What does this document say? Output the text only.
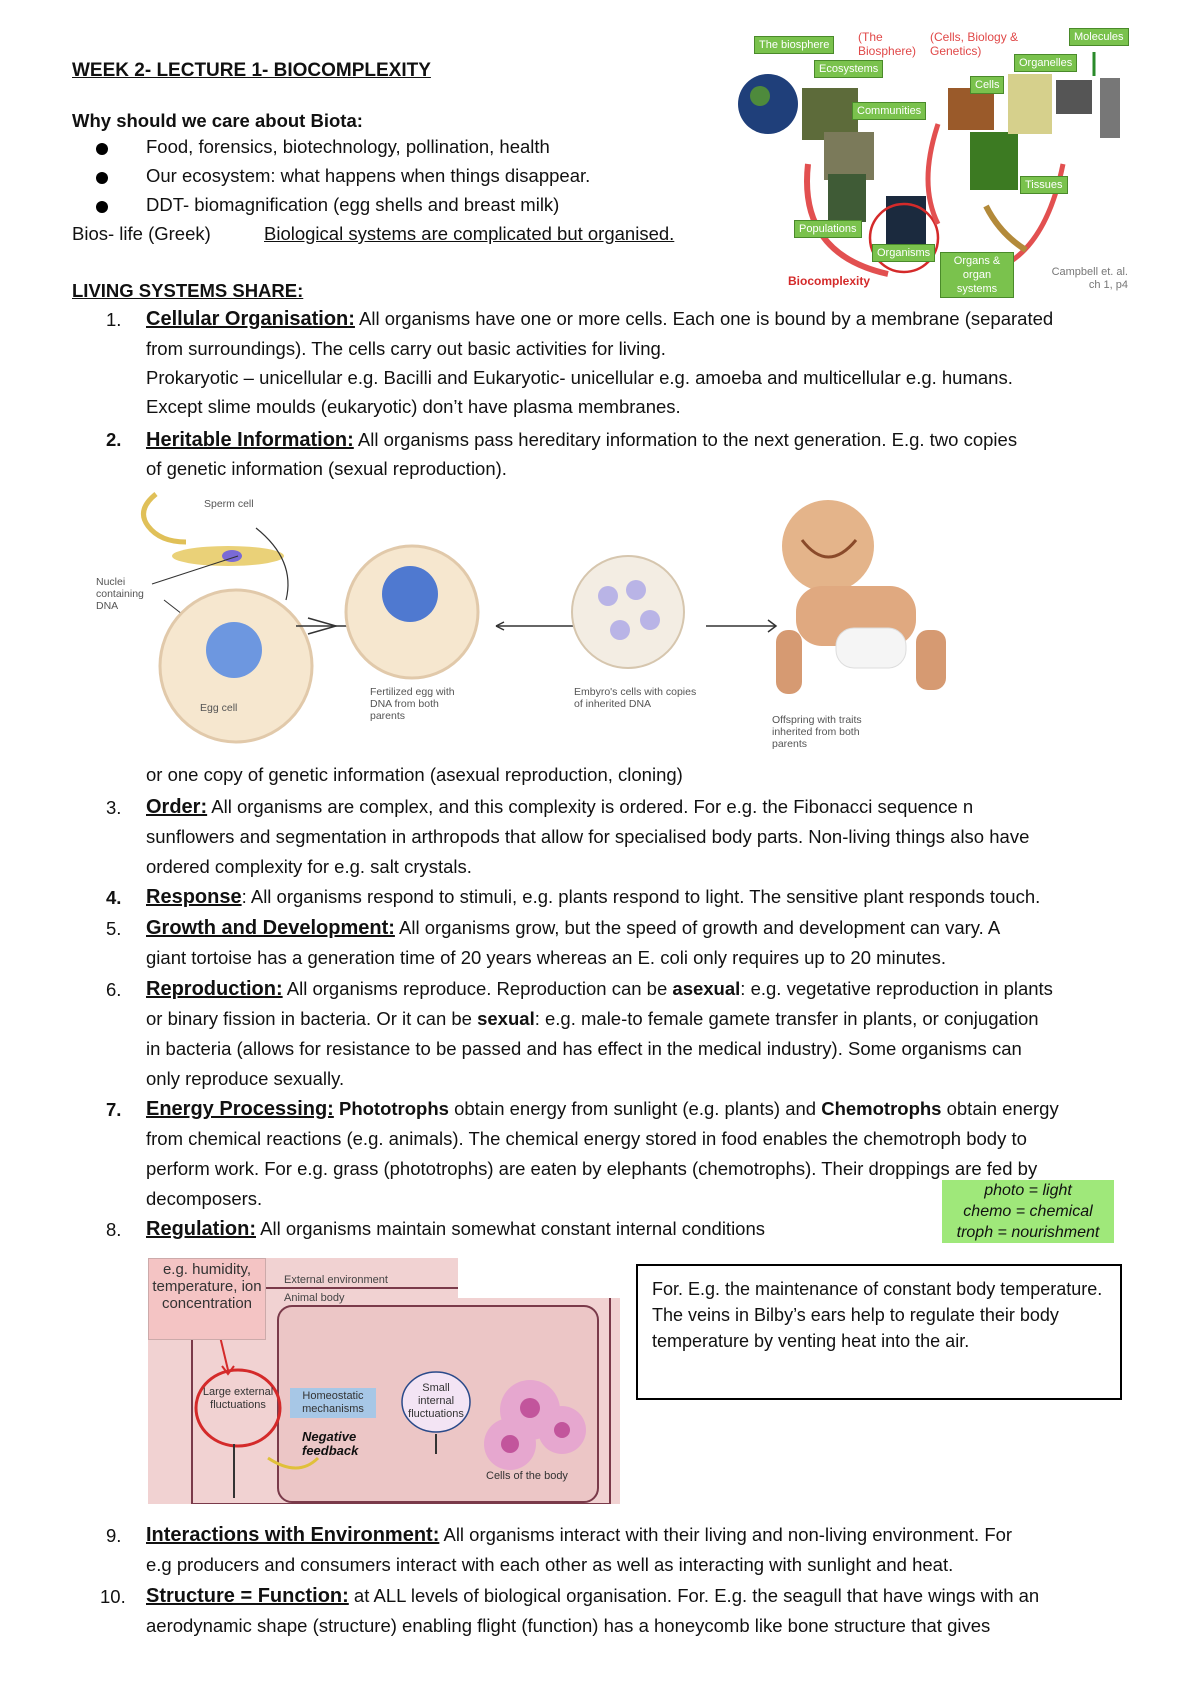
WEEK 2- LECTURE 1- BIOCOMPLEXITY
Why should we care about Biota:
Food, forensics, biotechnology, pollination, health
Our ecosystem: what happens when things disappear.
DDT- biomagnification (egg shells and breast milk)
Bios- life (Greek)	Biological systems are complicated but organised.
LIVING SYSTEMS SHARE:
The biosphere
(The Biosphere)
(Cells, Biology & Genetics)
Molecules
Ecosystems	Organelles
Communities
Cells
Tissues
Populations
Organisms
Organs & organ systems
Biocomplexity
Campbell et. al. ch 1, p4
1.	Cellular Organisation: All organisms have one or more cells. Each one is bound by a membrane (separated
from surroundings). The cells carry out basic activities for living.
Prokaryotic – unicellular e.g. Bacilli and Eukaryotic- unicellular e.g. amoeba and multicellular e.g. humans.
Except slime moulds (eukaryotic) don’t have plasma membranes.
2.	Heritable Information: All organisms pass hereditary information to the next generation. E.g. two copies
of genetic information (sexual reproduction).
Sperm cell
Nuclei containing DNA
Egg cell
Fertilized egg with DNA from both parents
Embyro's cells with copies of inherited DNA
Offspring with traits inherited from both parents
or one copy of genetic information (asexual reproduction, cloning)
3.	Order: All organisms are complex, and this complexity is ordered. For e.g. the Fibonacci sequence n
sunflowers and segmentation in arthropods that allow for specialised body parts. Non-living things also have
ordered complexity for e.g. salt crystals.
4.	Response: All organisms respond to stimuli, e.g. plants respond to light. The sensitive plant responds touch.
5.	Growth and Development: All organisms grow, but the speed of growth and development can vary. A
giant tortoise has a generation time of 20 years whereas an E. coli only requires up to 20 minutes.
6.	Reproduction: All organisms reproduce. Reproduction can be asexual: e.g. vegetative reproduction in plants
or binary fission in bacteria. Or it can be sexual: e.g. male-to female gamete transfer in plants, or conjugation
in bacteria (allows for resistance to be passed and has effect in the medical industry). Some organisms can
only reproduce sexually.
7.	Energy Processing: Phototrophs obtain energy from sunlight (e.g. plants) and Chemotrophs obtain energy
from chemical reactions (e.g. animals). The chemical energy stored in food enables the chemotroph body to
perform work. For e.g. grass (phototrophs) are eaten by elephants (chemotrophs). Their droppings are fed by
decomposers.	photo = light
chemo = chemical
troph = nourishment
8.	Regulation: All organisms maintain somewhat constant internal conditions
e.g. humidity, temperature, ion concentration
External environment
Animal body
Large external fluctuations
Homeostatic mechanisms
Negative feedback
Small internal fluctuations
Cells of the body
For. E.g. the maintenance of constant body temperature. The veins in Bilby’s ears help to regulate their body temperature by venting heat into the air.
9.	Interactions with Environment: All organisms interact with their living and non-living environment. For
e.g producers and consumers interact with each other as well as interacting with sunlight and heat.
10.	Structure = Function: at ALL levels of biological organisation. For. E.g. the seagull that have wings with an
aerodynamic shape (structure) enabling flight (function) has a honeycomb like bone structure that gives
